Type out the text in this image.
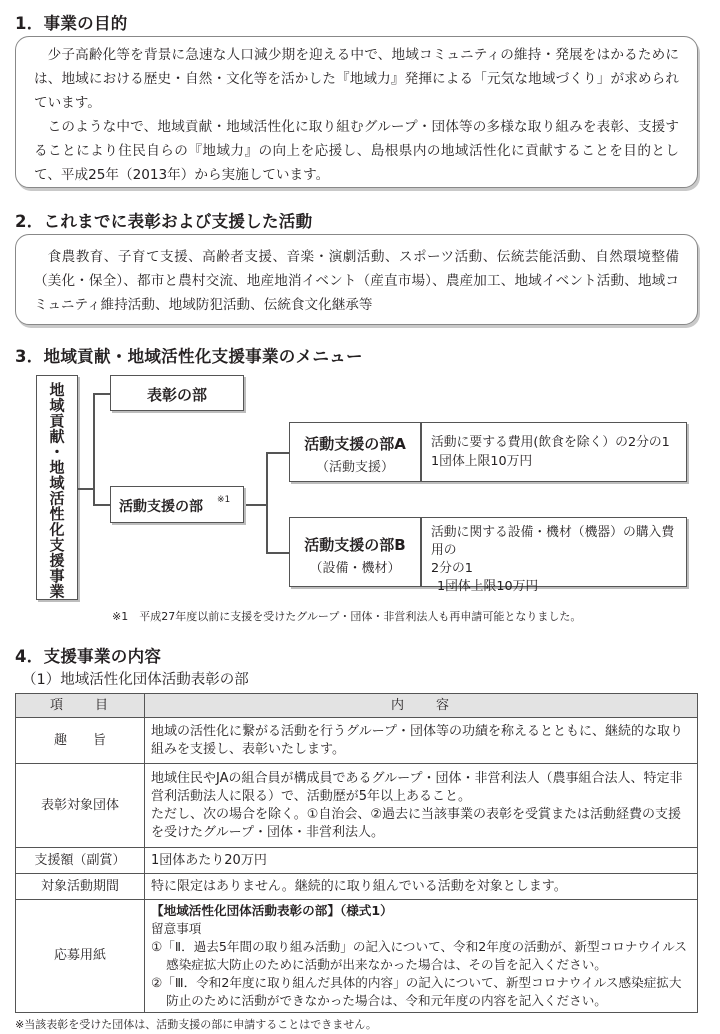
1．事業の目的

少子高齢化等を背景に急速な人口減少期を迎える中で、地域コミュニティの維持・発展をはかるためには、地域における歴史・自然・文化等を活かした『地域力』発揮による「元気な地域づくり」が求められています。

このような中で、地域貢献・地域活性化に取り組むグループ・団体等の多様な取り組みを表彰、支援することにより住民自らの『地域力』の向上を応援し、島根県内の地域活性化に貢献することを目的として、平成25年（2013年）から実施しています。

2．これまでに表彰および支援した活動

食農教育、子育て支援、高齢者支援、音楽・演劇活動、スポーツ活動、伝統芸能活動、自然環境整備（美化・保全）、都市と農村交流、地産地消イベント（産直市場）、農産加工、地域イベント活動、地域コミュニティ維持活動、地域防犯活動、伝統食文化継承等

3．地域貢献・地域活性化支援事業のメニュー
地域貢献・地域活性化支援事業	表彰の部
活動支援の部 ※1
活動支援の部A
（活動支援）
活動に要する費用(飲食を除く）の2分の1
1団体上限10万円
活動支援の部B
（設備・機材）
活動に関する設備・機材（機器）の購入費用の
2分の1
1団体上限10万円
※1　平成27年度以前に支援を受けたグループ・団体・非営利法人も再申請可能となりました。
4．支援事業の内容
（1）地域活性化団体活動表彰の部
項　　目	内　　容
趣　　旨	地域の活性化に繋がる活動を行うグループ・団体等の功績を称えるとともに、継続的な取り組みを支援し、表彰いたします。

表彰対象団体	地域住民やJAの組合員が構成員であるグループ・団体・非営利法人（農事組合法人、特定非営利活動法人に限る）で、活動歴が5年以上あること。
ただし、次の場合を除く。①自治会、②過去に当該事業の表彰を受賞または活動経費の支援を受けたグループ・団体・非営利法人。

支援額（副賞）	1団体あたり20万円

対象活動期間	特に限定はありません。継続的に取り組んでいる活動を対象とします。

応募用紙	【地域活性化団体活動表彰の部】（様式1）
留意事項
①「Ⅱ．過去5年間の取り組み活動」の記入について、令和2年度の活動が、新型コロナウイルス感染症拡大防止のために活動が出来なかった場合は、その旨を記入ください。
②「Ⅲ．令和2年度に取り組んだ具体的内容」の記入について、新型コロナウイルス感染症拡大防止のために活動ができなかった場合は、令和元年度の内容を記入ください。
※当該表彰を受けた団体は、活動支援の部に申請することはできません。
